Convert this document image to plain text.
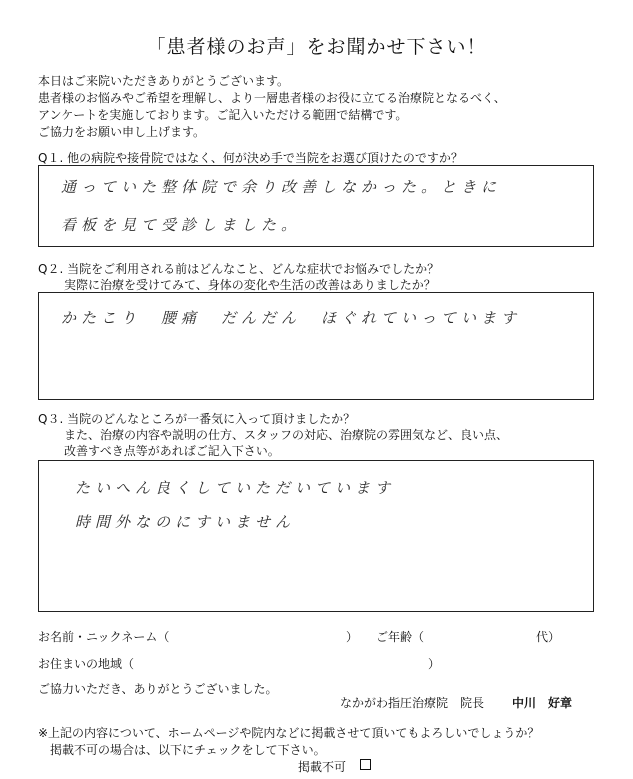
「患者様のお声」をお聞かせ下さい！
本日はご来院いただきありがとうございます。
患者様のお悩みやご希望を理解し、より一層患者様のお役に立てる治療院となるべく、
アンケートを実施しております。ご記入いただける範囲で結構です。
ご協力をお願い申し上げます。
Q１. 他の病院や接骨院ではなく、何が決め手で当院をお選び頂けたのですか？
通っていた整体院で余り改善しなかった。ときに
看板を見て受診しました。
Q２. 当院をご利用される前はどんなこと、どんな症状でお悩みでしたか？
実際に治療を受けてみて、身体の変化や生活の改善はありましたか？
かたこり　腰痛　だんだん　ほぐれていっています
Q３. 当院のどんなところが一番気に入って頂けましたか？
また、治療の内容や説明の仕方、スタッフの対応、治療院の雰囲気など、良い点、
改善すべき点等があればご記入下さい。
たいへん良くしていただいています
時間外なのにすいません
お名前・ニックネーム（	） ご年齢（	代）
お住まいの地域（	）
ご協力いただき、ありがとうございました。
なかがわ指圧治療院　院長 中川　好章
※上記の内容について、ホームページや院内などに掲載させて頂いてもよろしいでしょうか？
掲載不可の場合は、以下にチェックをして下さい。
掲載不可
